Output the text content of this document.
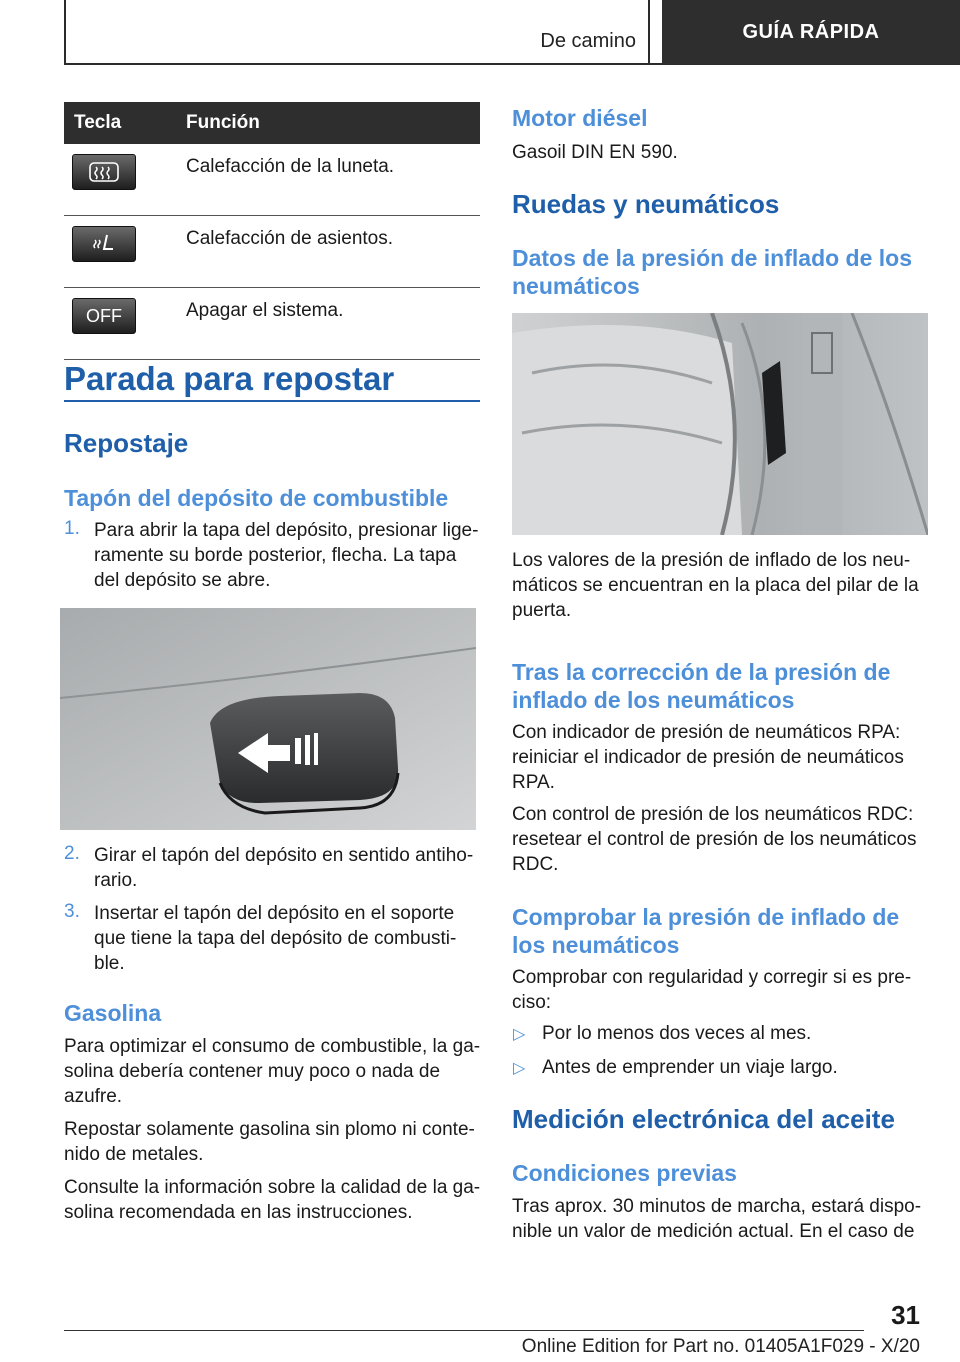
De camino	GUÍA RÁPIDA
Tecla	Función

	Calefacción de la luneta.

	Calefacción de asientos.

OFF	Apagar el sistema.
Parada para repostar
Repostaje
Tapón del depósito de combustible
1. Para abrir la tapa del depósito, presionar lige-
ramente su borde posterior, flecha. La tapa
del depósito se abre.

2. Girar el tapón del depósito en sentido antiho-
rario.

3. Insertar el tapón del depósito en el soporte
que tiene la tapa del depósito de combusti-
ble.

Gasolina

Para optimizar el consumo de combustible, la ga-
solina debería contener muy poco o nada de
azufre.

Repostar solamente gasolina sin plomo ni conte-
nido de metales.

Consulte la información sobre la calidad de la ga-
solina recomendada en las instrucciones.

Motor diésel

Gasoil DIN EN 590.

Ruedas y neumáticos
Datos de la presión de inflado de los
neumáticos

Los valores de la presión de inflado de los neu-
máticos se encuentran en la placa del pilar de la
puerta.

Tras la corrección de la presión de
inflado de los neumáticos

Con indicador de presión de neumáticos RPA:
reiniciar el indicador de presión de neumáticos
RPA.

Con control de presión de los neumáticos RDC:
resetear el control de presión de los neumáticos
RDC.

Comprobar la presión de inflado de
los neumáticos

Comprobar con regularidad y corregir si es pre-
ciso:

▷ Por lo menos dos veces al mes.

▷ Antes de emprender un viaje largo.

Medición electrónica del aceite
Condiciones previas

Tras aprox. 30 minutos de marcha, estará dispo-
nible un valor de medición actual. En el caso de

31
Online Edition for Part no. 01405A1F029 - X/20
